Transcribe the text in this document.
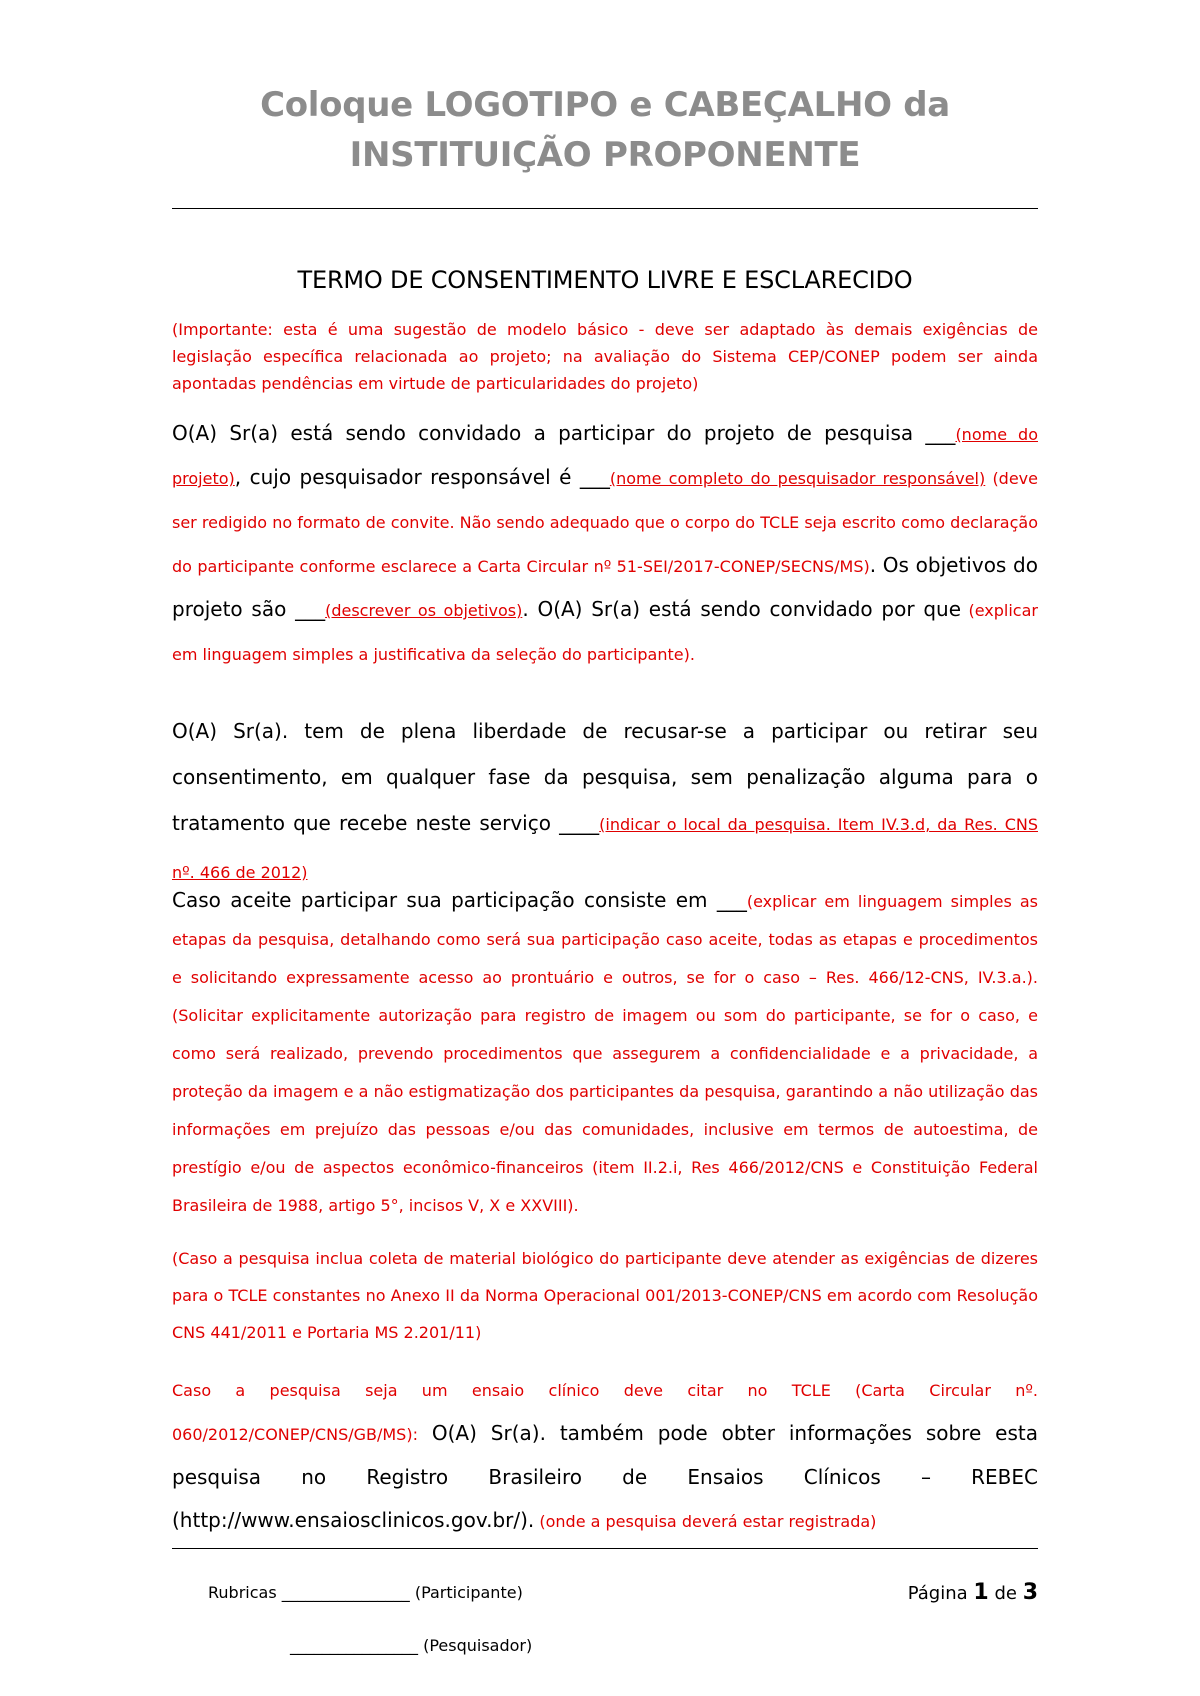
Coloque LOGOTIPO e CABEÇALHO da
INSTITUIÇÃO PROPONENTE
TERMO DE CONSENTIMENTO LIVRE E ESCLARECIDO
(Importante: esta é uma sugestão de modelo básico - deve ser adaptado às demais exigências de legislação específica relacionada ao projeto; na avaliação do Sistema CEP/CONEP podem ser ainda apontadas pendências em virtude de particularidades do projeto)
O(A) Sr(a) está sendo convidado a participar do projeto de pesquisa ___(nome do projeto), cujo pesquisador responsável é ___(nome completo do pesquisador responsável) (deve ser redigido no formato de convite. Não sendo adequado que o corpo do TCLE seja escrito como declaração do participante conforme esclarece a Carta Circular nº 51-SEI/2017-CONEP/SECNS/MS). Os objetivos do projeto são ___(descrever os objetivos). O(A) Sr(a) está sendo convidado por que (explicar em linguagem simples a justificativa da seleção do participante).
O(A) Sr(a). tem de plena liberdade de recusar-se a participar ou retirar seu consentimento, em qualquer fase da pesquisa, sem penalização alguma para o tratamento que recebe neste serviço ____(indicar o local da pesquisa. Item IV.3.d, da Res. CNS nº. 466 de 2012)
Caso aceite participar sua participação consiste em ___(explicar em linguagem simples as etapas da pesquisa, detalhando como será sua participação caso aceite, todas as etapas e procedimentos e solicitando expressamente acesso ao prontuário e outros, se for o caso – Res. 466/12-CNS, IV.3.a.). (Solicitar explicitamente autorização para registro de imagem ou som do participante, se for o caso, e como será realizado, prevendo procedimentos que assegurem a confidencialidade e a privacidade, a proteção da imagem e a não estigmatização dos participantes da pesquisa, garantindo a não utilização das informações em prejuízo das pessoas e/ou das comunidades, inclusive em termos de autoestima, de prestígio e/ou de aspectos econômico-financeiros (item II.2.i, Res 466/2012/CNS e Constituição Federal Brasileira de 1988, artigo 5°, incisos V, X e XXVIII).
(Caso a pesquisa inclua coleta de material biológico do participante deve atender as exigências de dizeres para o TCLE constantes no Anexo II da Norma Operacional 001/2013-CONEP/CNS em acordo com Resolução CNS 441/2011 e Portaria MS 2.201/11)
Caso a pesquisa seja um ensaio clínico deve citar no TCLE (Carta Circular nº. 060/2012/CONEP/CNS/GB/MS): O(A) Sr(a). também pode obter informações sobre esta pesquisa no Registro Brasileiro de Ensaios Clínicos – REBEC (http://www.ensaiosclinicos.gov.br/). (onde a pesquisa deverá estar registrada)
Rubricas ________________ (Participante)
________________ (Pesquisador)
Página 1 de 3
